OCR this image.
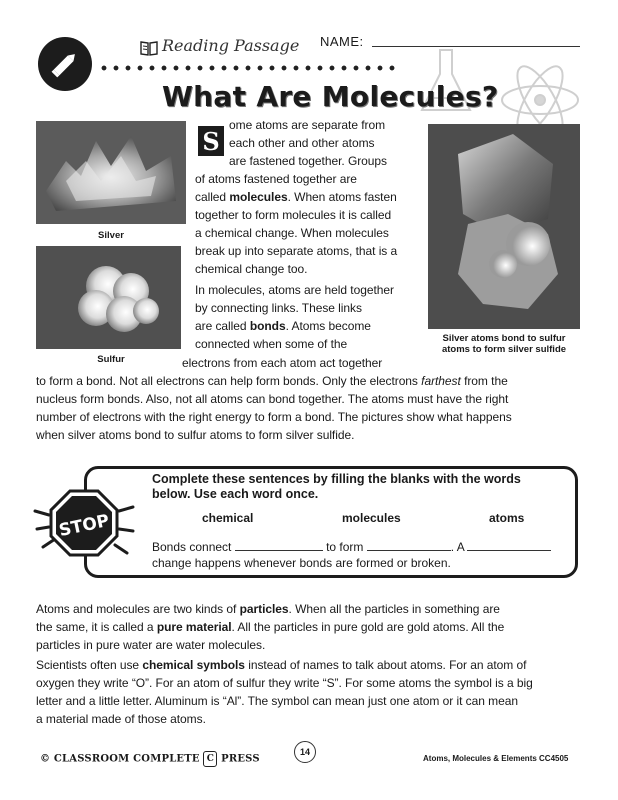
Reading Passage NAME:
What Are Molecules?
Silver
Sulfur
Silver atoms bond to sulfur
atoms to form silver sulfide
S
ome atoms are separate from
each other and other atoms
are fastened together. Groups
of atoms fastened together are
called molecules. When atoms fasten
together to form molecules it is called
a chemical change. When molecules
break up into separate atoms, that is a
chemical change too.
In molecules, atoms are held together
by connecting links. These links
are called bonds. Atoms become
connected when some of the
electrons from each atom act together
to form a bond. Not all electrons can help form bonds. Only the electrons farthest from the
nucleus form bonds. Also, not all atoms can bond together. The atoms must have the right
number of electrons with the right energy to form a bond. The pictures show what happens
when silver atoms bond to sulfur atoms to form silver sulfide.
STOP
Complete these sentences by filling the blanks with the words
below. Use each word once.
chemical	molecules	atoms
Bonds connect	to form	. A
change happens whenever bonds are formed or broken.
Atoms and molecules are two kinds of particles. When all the particles in something are
the same, it is called a pure material. All the particles in pure gold are gold atoms. All the
particles in pure water are water molecules.
Scientists often use chemical symbols instead of names to talk about atoms. For an atom of
oxygen they write “O”. For an atom of sulfur they write “S”. For some atoms the symbol is a big
letter and a little letter. Aluminum is “Al”. The symbol can mean just one atom or it can mean
a material made of those atoms.
© CLASSROOM COMPLETE C PRESS
14
Atoms, Molecules & Elements CC4505
